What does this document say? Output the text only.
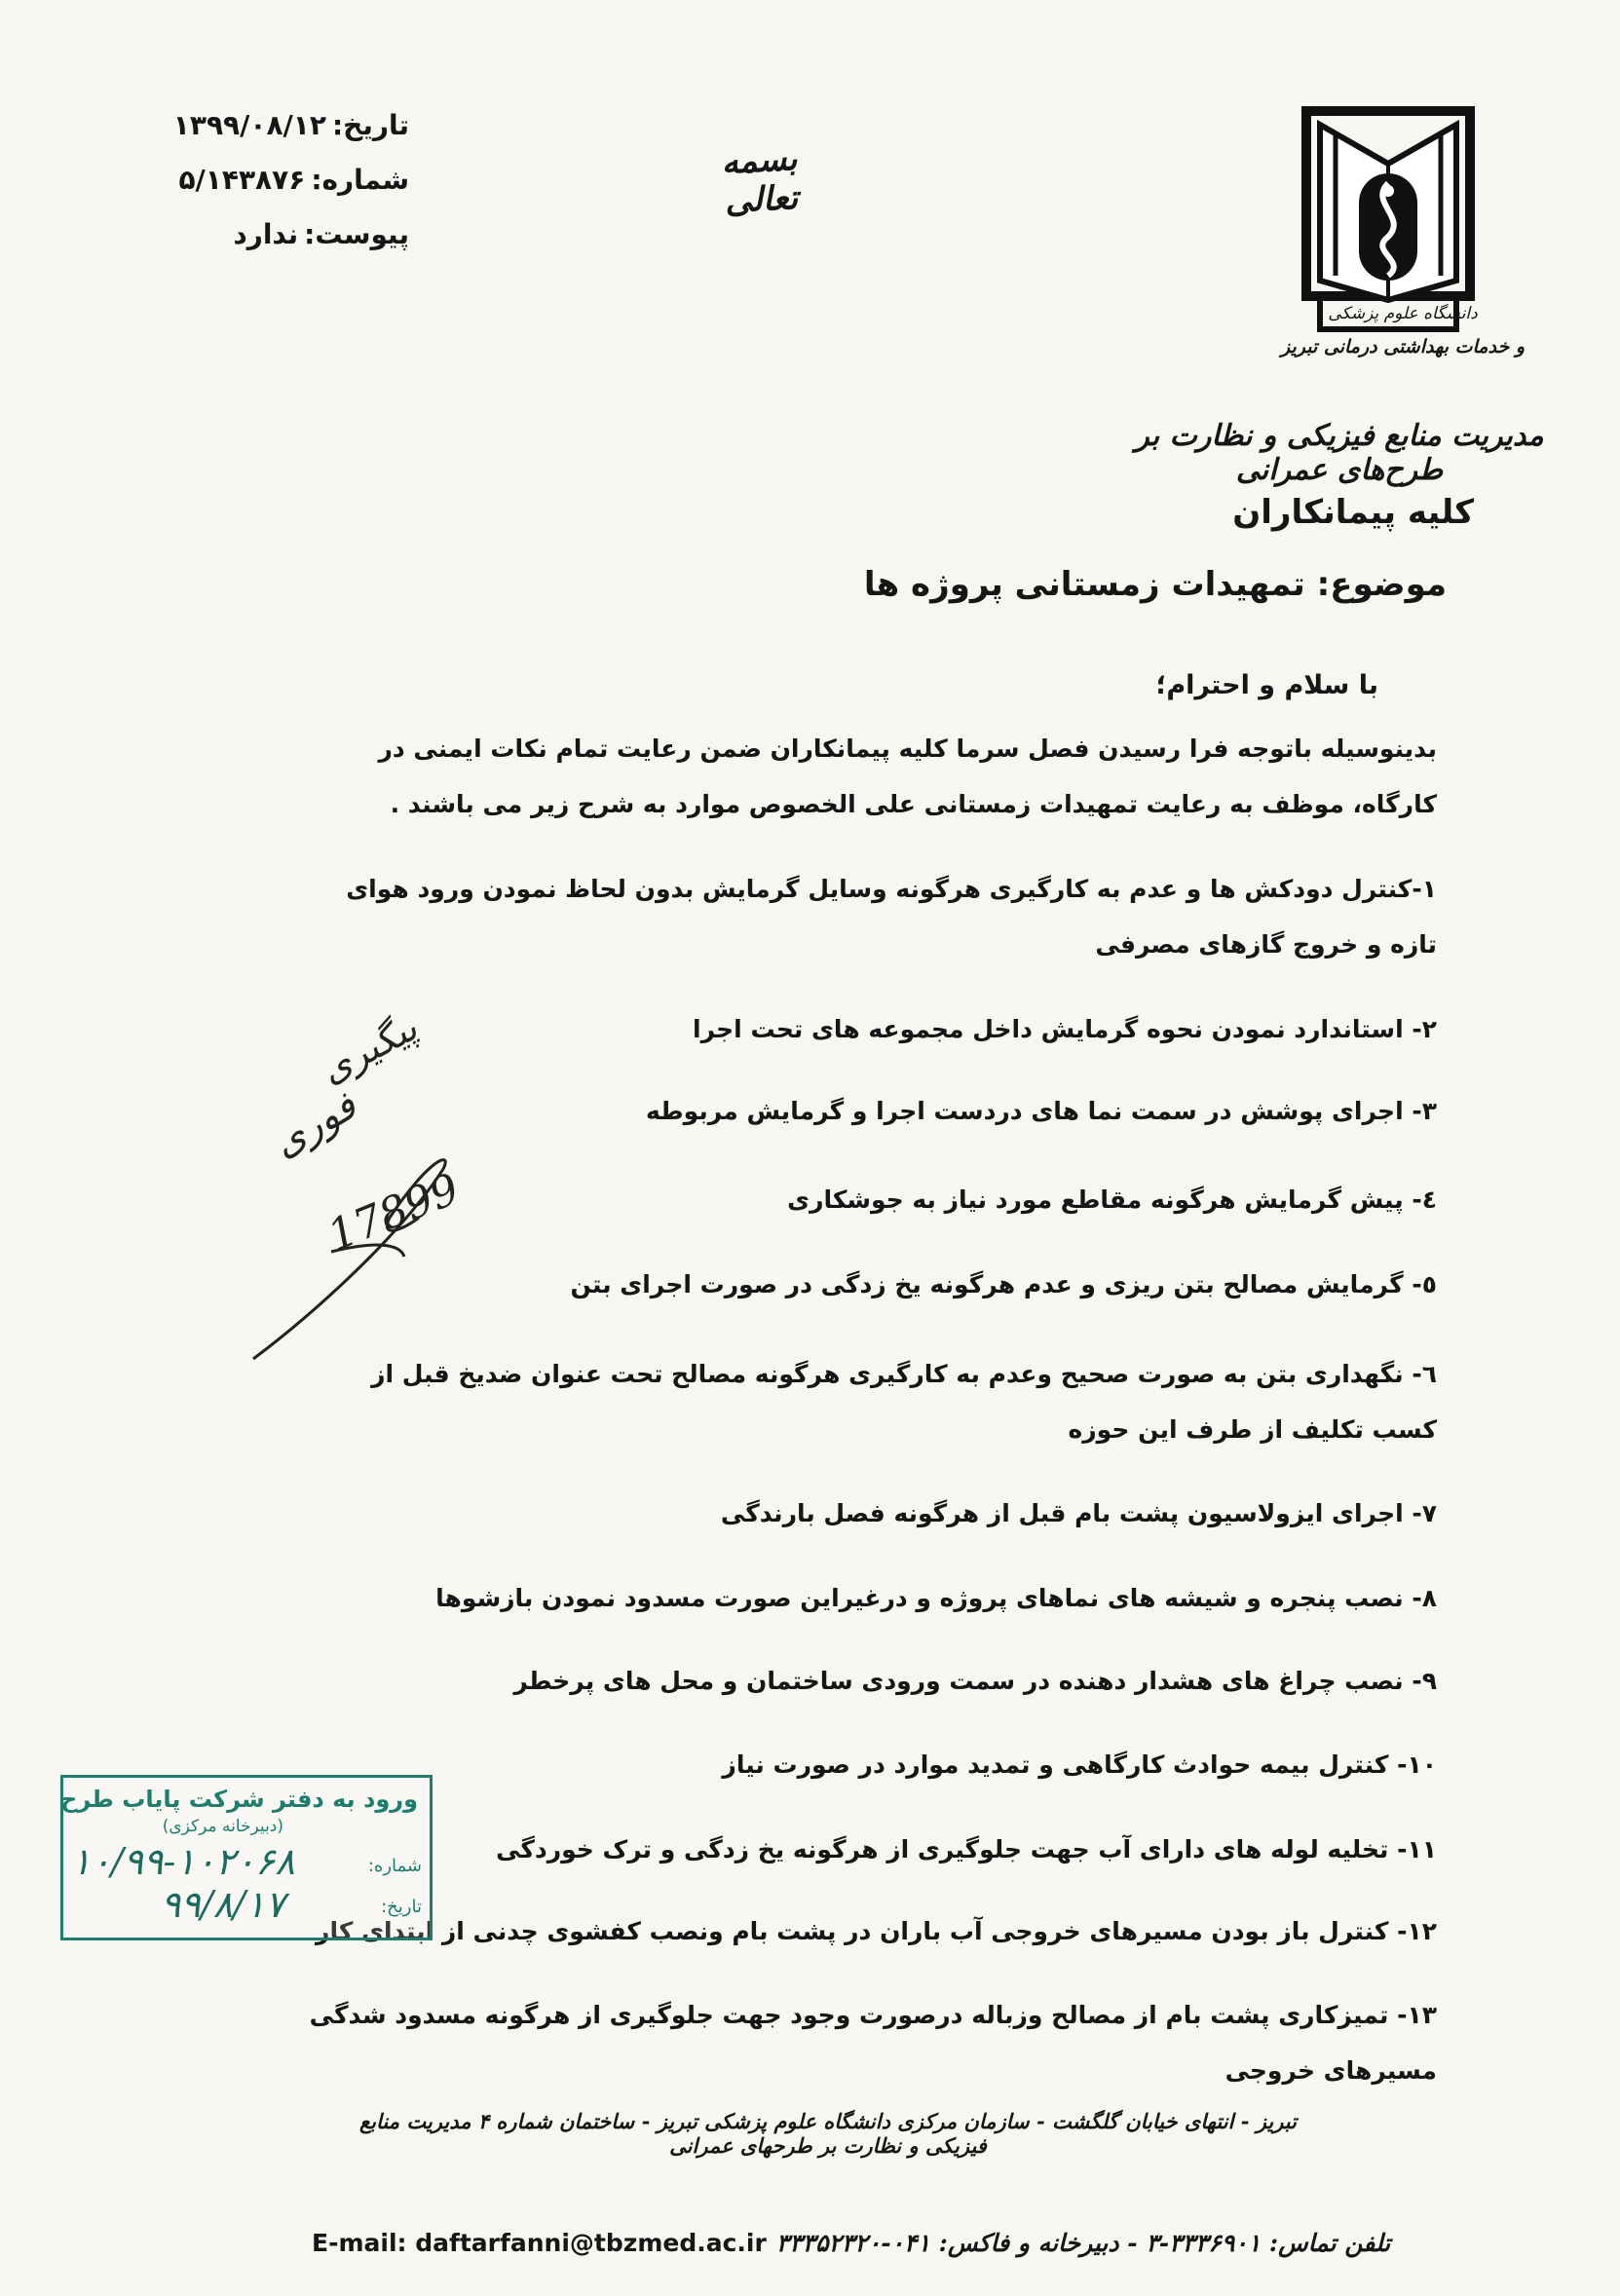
تاریخ:
۱۳۹۹/۰۸/۱۲
شماره:
۵/۱۴۳۸۷۶
پیوست:
ندارد
بسمه تعالی
دانشگاه علوم پزشکی
و خدمات بهداشتی درمانی تبریز
مدیریت منابع فیزیکی و نظارت بر طرح‌های عمرانی
کلیه پیمانکاران
موضوع: تمهیدات زمستانی پروژه ها
با سلام و احترام؛
بدینوسیله باتوجه فرا رسیدن فصل سرما کلیه پیمانکاران ضمن رعایت تمام نکات ایمنی در کارگاه، موظف به رعایت تمهیدات زمستانی علی الخصوص موارد به شرح زیر می باشند .
۱-کنترل دودکش ها و عدم به کارگیری هرگونه وسایل گرمایش بدون لحاظ نمودن ورود هوای تازه و خروج گازهای مصرفی
۲- استاندارد نمودن نحوه گرمایش داخل مجموعه های تحت اجرا
۳- اجرای پوشش در سمت نما های دردست اجرا و گرمایش مربوطه
٤- پیش گرمایش هرگونه مقاطع مورد نیاز به جوشکاری
٥- گرمایش مصالح بتن ریزی و عدم هرگونه یخ زدگی در صورت اجرای بتن
٦- نگهداری بتن به صورت صحیح وعدم به کارگیری هرگونه مصالح تحت عنوان ضدیخ قبل از کسب تکلیف از طرف این حوزه
۷- اجرای ایزولاسیون پشت بام قبل از هرگونه فصل بارندگی
۸- نصب پنجره و شیشه های نماهای پروژه و درغیراین صورت مسدود نمودن بازشوها
۹- نصب چراغ های هشدار دهنده در سمت ورودی ساختمان و محل های پرخطر
۱۰- کنترل بیمه حوادث کارگاهی و تمدید موارد در صورت نیاز
۱۱- تخلیه لوله های دارای آب جهت جلوگیری از هرگونه یخ زدگی و ترک خوردگی
۱۲- کنترل باز بودن مسیرهای خروجی آب باران در پشت بام ونصب کفشوی چدنی از ابتدای کار
۱۳- تمیزکاری پشت بام از مصالح وزباله درصورت وجود جهت جلوگیری از هرگونه مسدود شدگی مسیرهای خروجی
پیگیری
فوری
17899
ورود به دفتر شرکت پایاب طرح
(دبیرخانه مرکزی)
شماره:
۱۰/۹۹-۱۰۲۰۶۸
تاریخ:
۹۹/۸/۱۷
تبریز - انتهای خیابان گلگشت - سازمان مرکزی دانشگاه علوم پزشکی تبریز - ساختمان شماره ۴ مدیریت منابع فیزیکی و نظارت بر طرحهای عمرانی
E-mail: daftarfanni@tbzmed.ac.ir تلفن تماس: ۳۳۳۶۹۰۱-۳ - دبیرخانه و فاکس: ۰۴۱-۳۳۳۵۲۳۲۰
